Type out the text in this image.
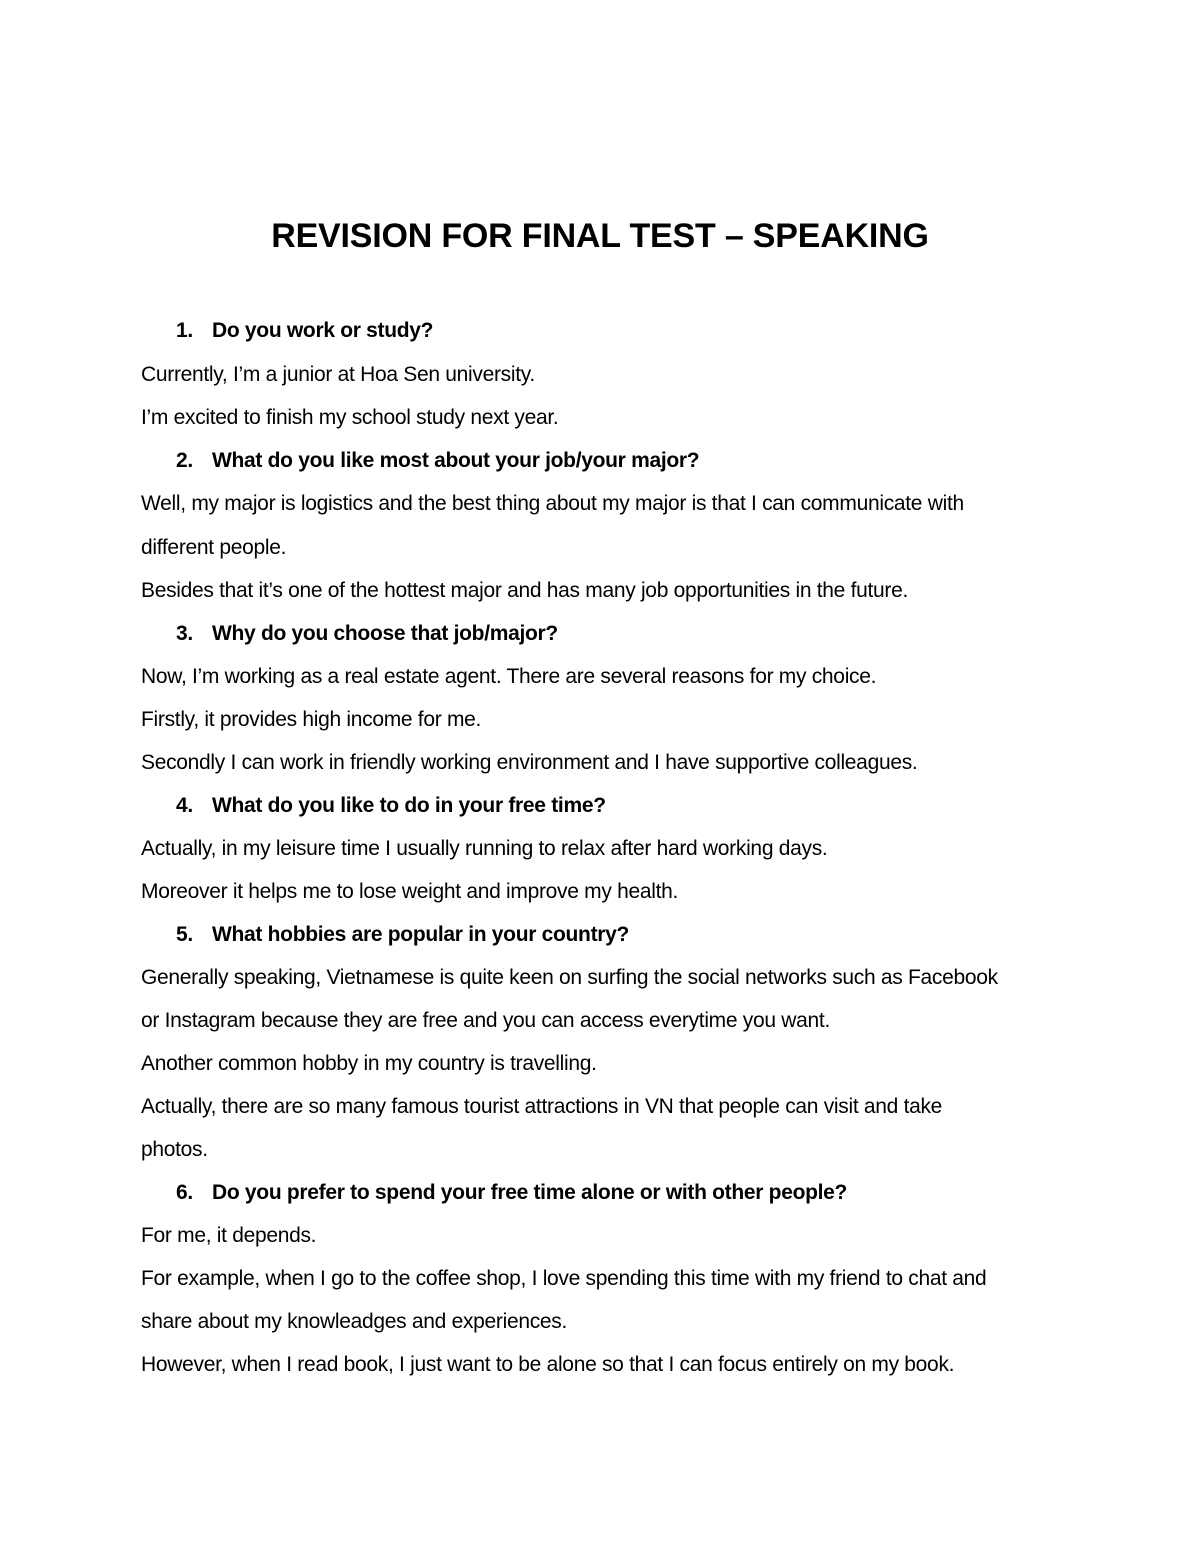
REVISION FOR FINAL TEST – SPEAKING
1. Do you work or study?
Currently, I’m a junior at Hoa Sen university.
I’m excited to finish my school study next year.
2. What do you like most about your job/your major?
Well, my major is logistics and the best thing about my major is that I can communicate with
different people.
Besides that it’s one of the hottest major and has many job opportunities in the future.
3. Why do you choose that job/major?
Now, I’m working as a real estate agent. There are several reasons for my choice.
Firstly, it provides high income for me.
Secondly I can work in friendly working environment and I have supportive colleagues.
4. What do you like to do in your free time?
Actually, in my leisure time I usually running to relax after hard working days.
Moreover it helps me to lose weight and improve my health.
5. What hobbies are popular in your country?
Generally speaking, Vietnamese is quite keen on surfing the social networks such as Facebook
or Instagram because they are free and you can access everytime you want.
Another common hobby in my country is travelling.
Actually, there are so many famous tourist attractions in VN that people can visit and take
photos.
6. Do you prefer to spend your free time alone or with other people?
For me, it depends.
For example, when I go to the coffee shop, I love spending this time with my friend to chat and
share about my knowleadges and experiences.
However, when I read book, I just want to be alone so that I can focus entirely on my book.
